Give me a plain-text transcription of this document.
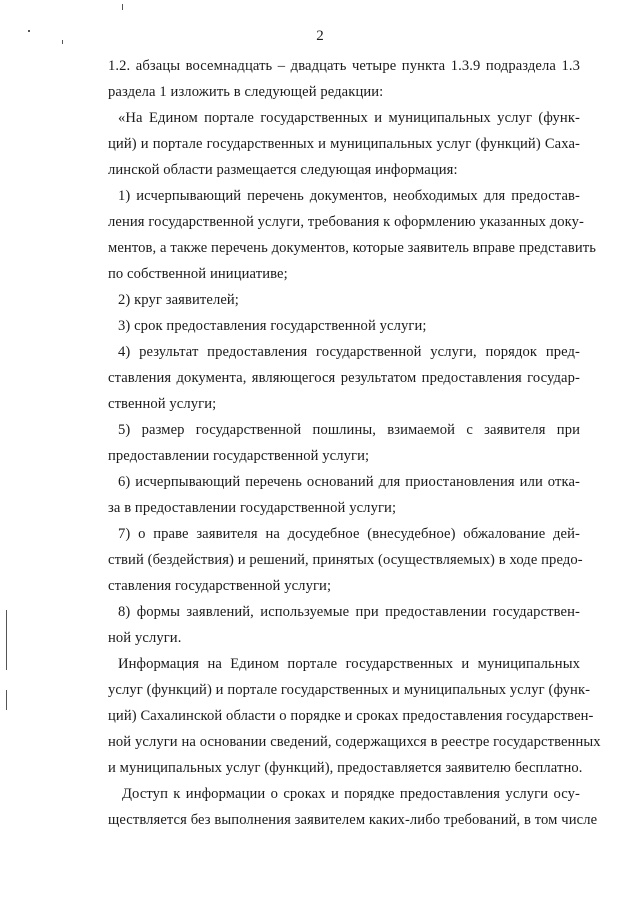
2
1.2. абзацы восемнадцать – двадцать четыре пункта 1.3.9 подраздела 1.3
раздела 1 изложить в следующей редакции:
«На Едином портале государственных и муниципальных услуг (функ-
ций) и портале государственных и муниципальных услуг (функций) Саха-
линской области размещается следующая информация:
1) исчерпывающий перечень документов, необходимых для предостав-
ления государственной услуги, требования к оформлению указанных доку-
ментов, а также перечень документов, которые заявитель вправе представить
по собственной инициативе;
2) круг заявителей;
3) срок предоставления государственной услуги;
4) результат предоставления государственной услуги, порядок пред-
ставления документа, являющегося результатом предоставления государ-
ственной услуги;
5) размер государственной пошлины, взимаемой с заявителя при
предоставлении государственной услуги;
6) исчерпывающий перечень оснований для приостановления или отка-
за в предоставлении государственной услуги;
7) о праве заявителя на досудебное (внесудебное) обжалование дей-
ствий (бездействия) и решений, принятых (осуществляемых) в ходе предо-
ставления государственной услуги;
8) формы заявлений, используемые при предоставлении государствен-
ной услуги.
Информация на Едином портале государственных и муниципальных
услуг (функций) и портале государственных и муниципальных услуг (функ-
ций) Сахалинской области о порядке и сроках предоставления государствен-
ной услуги на основании сведений, содержащихся в реестре государственных
и муниципальных услуг (функций), предоставляется заявителю бесплатно.
Доступ к информации о сроках и порядке предоставления услуги осу-
ществляется без выполнения заявителем каких-либо требований, в том числе
